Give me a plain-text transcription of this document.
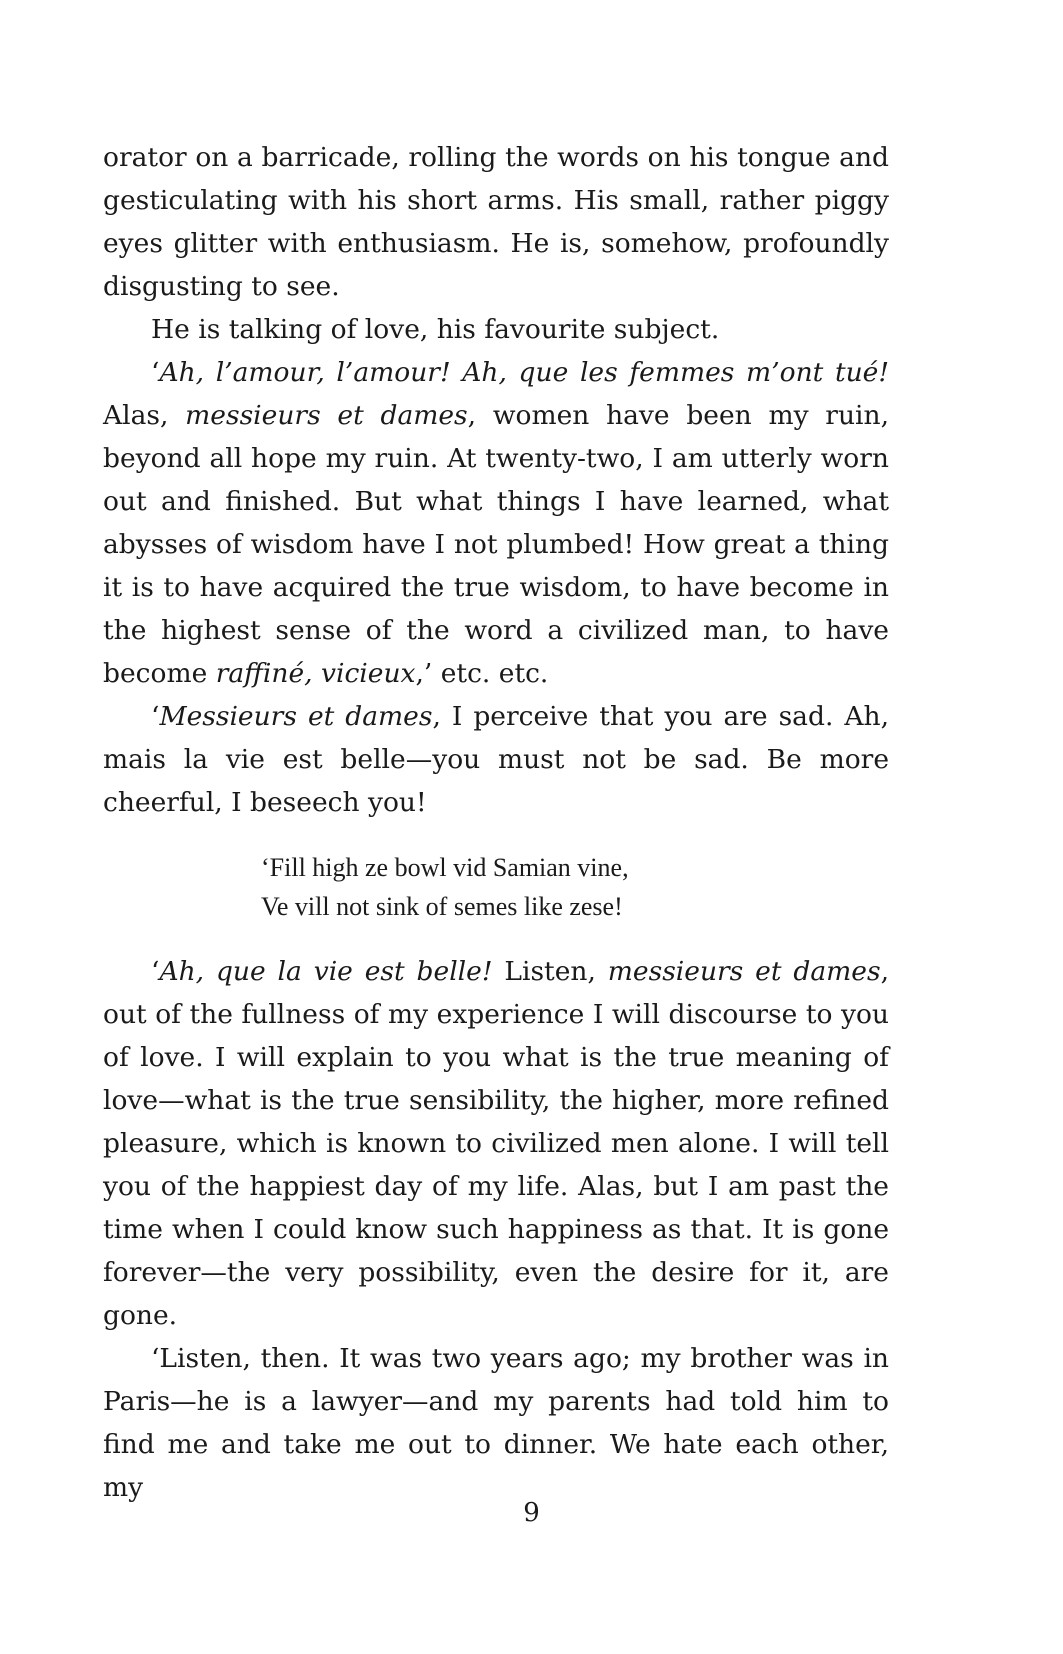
orator on a barricade, rolling the words on his tongue and gesticulating with his short arms. His small, rather piggy eyes glitter with enthusiasm. He is, somehow, profoundly disgusting to see.

He is talking of love, his favourite subject.

‘Ah, l’amour, l’amour! Ah, que les femmes m’ont tué! Alas, messieurs et dames, women have been my ruin, beyond all hope my ruin. At twenty-two, I am utterly worn out and finished. But what things I have learned, what abysses of wisdom have I not plumbed! How great a thing it is to have acquired the true wisdom, to have become in the highest sense of the word a civilized man, to have become raffiné, vicieux,’ etc. etc.

‘Messieurs et dames, I perceive that you are sad. Ah, mais la vie est belle—you must not be sad. Be more cheerful, I beseech you!

‘Fill high ze bowl vid Samian vine,
Ve vill not sink of semes like zese!

‘Ah, que la vie est belle! Listen, messieurs et dames, out of the fullness of my experience I will discourse to you of love. I will explain to you what is the true meaning of love—what is the true sensibility, the higher, more refined pleasure, which is known to civilized men alone. I will tell you of the happiest day of my life. Alas, but I am past the time when I could know such happiness as that. It is gone forever—the very possibility, even the desire for it, are gone.

‘Listen, then. It was two years ago; my brother was in Paris—he is a lawyer—and my parents had told him to find me and take me out to dinner. We hate each other, my

9
